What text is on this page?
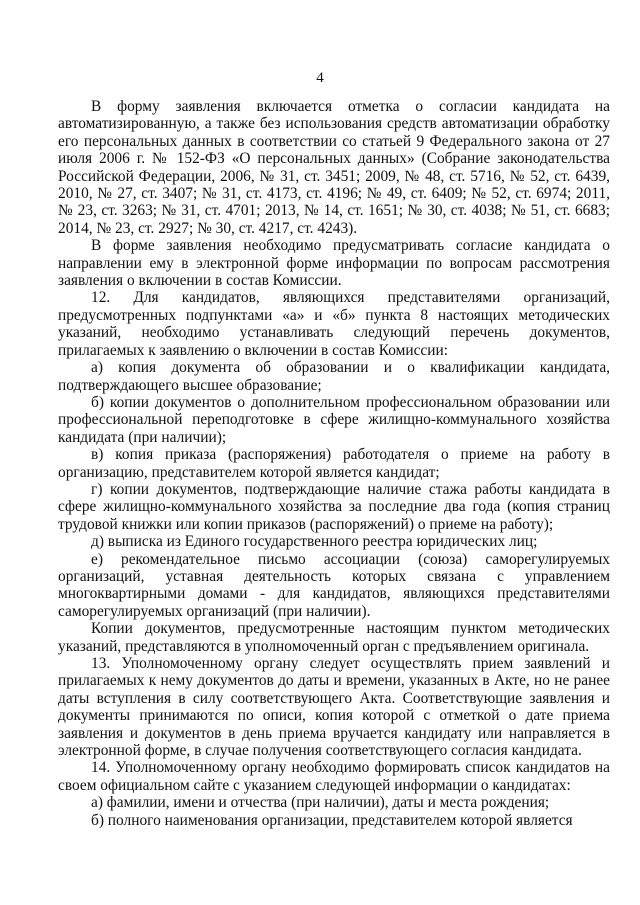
4

В форму заявления включается отметка о согласии кандидата на автоматизированную, а также без использования средств автоматизации обработку его персональных данных в соответствии со статьей 9 Федерального закона от 27 июля 2006 г. № 152-ФЗ «О персональных данных» (Собрание законодательства Российской Федерации, 2006, № 31, ст. 3451; 2009, № 48, ст. 5716, № 52, ст. 6439, 2010, № 27, ст. 3407; № 31, ст. 4173, ст. 4196; № 49, ст. 6409; № 52, ст. 6974; 2011, № 23, ст. 3263; № 31, ст. 4701; 2013, № 14, ст. 1651; № 30, ст. 4038; № 51, ст. 6683; 2014, № 23, ст. 2927; № 30, ст. 4217, ст. 4243).

В форме заявления необходимо предусматривать согласие кандидата о направлении ему в электронной форме информации по вопросам рассмотрения заявления о включении в состав Комиссии.

12. Для кандидатов, являющихся представителями организаций, предусмотренных подпунктами «а» и «б» пункта 8 настоящих методических указаний, необходимо устанавливать следующий перечень документов, прилагаемых к заявлению о включении в состав Комиссии:

а) копия документа об образовании и о квалификации кандидата, подтверждающего высшее образование;

б) копии документов о дополнительном профессиональном образовании или профессиональной переподготовке в сфере жилищно-коммунального хозяйства кандидата (при наличии);

в) копия приказа (распоряжения) работодателя о приеме на работу в организацию, представителем которой является кандидат;

г) копии документов, подтверждающие наличие стажа работы кандидата в сфере жилищно-коммунального хозяйства за последние два года (копия страниц трудовой книжки или копии приказов (распоряжений) о приеме на работу);

д) выписка из Единого государственного реестра юридических лиц;

е) рекомендательное письмо ассоциации (союза) саморегулируемых организаций, уставная деятельность которых связана с управлением многоквартирными домами - для кандидатов, являющихся представителями саморегулируемых организаций (при наличии).

Копии документов, предусмотренные настоящим пунктом методических указаний, представляются в уполномоченный орган с предъявлением оригинала.

13. Уполномоченному органу следует осуществлять прием заявлений и прилагаемых к нему документов до даты и времени, указанных в Акте, но не ранее даты вступления в силу соответствующего Акта. Соответствующие заявления и документы принимаются по описи, копия которой с отметкой о дате приема заявления и документов в день приема вручается кандидату или направляется в электронной форме, в случае получения соответствующего согласия кандидата.

14. Уполномоченному органу необходимо формировать список кандидатов на своем официальном сайте с указанием следующей информации о кандидатах:

а) фамилии, имени и отчества (при наличии), даты и места рождения;

б) полного наименования организации, представителем которой является
